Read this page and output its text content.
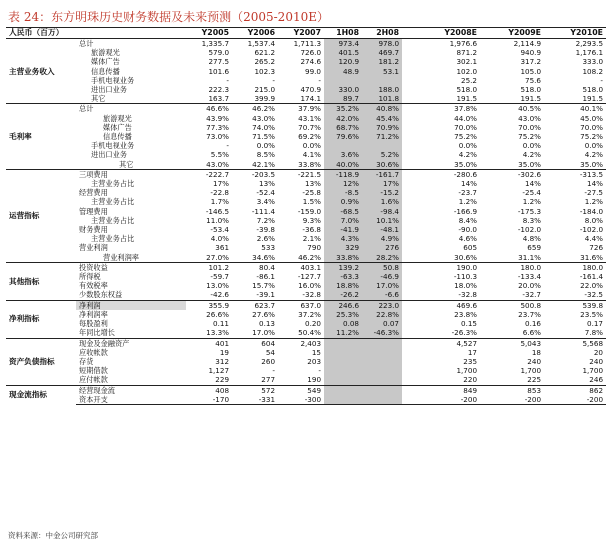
表 24：东方明珠历史财务数据及未来预测（2005-2010E）
人民币（百万）		Y2005	Y2006	Y2007	1H08	2H08		Y2008E	Y2009E	Y2010E
主营业务收入	总计	1,335.7	1,537.4	1,711.3	973.4	978.0		1,976.6	2,114.9	2,293.5
	旅游观光	579.0	621.2	726.0	401.5	469.7		871.2	940.9	1,176.1
	媒体广告	277.5	265.2	274.6	120.9	181.2		302.1	317.2	333.0
	信息传播	101.6	102.3	99.0	48.9	53.1		102.0	105.0	108.2
	手机电视业务	-	-	-				25.2	75.6	-
	进出口业务	222.3	215.0	470.9	330.0	188.0		518.0	518.0	518.0
	其它	163.7	399.9	174.1	89.7	101.8		191.5	191.5	191.5
毛利率	总计	46.6%	46.2%	37.9%	35.2%	40.8%		37.8%	40.5%	40.1%
	旅游观光	43.9%	43.0%	43.1%	42.0%	45.4%		44.0%	43.0%	45.0%
	媒体广告	77.3%	74.0%	70.7%	68.7%	70.9%		70.0%	70.0%	70.0%
	信息传播	73.0%	71.5%	69.2%	79.6%	71.2%		75.2%	75.2%	75.2%
	手机电视业务	-	0.0%	0.0%				0.0%	0.0%	0.0%
	进出口业务	5.5%	8.5%	4.1%	3.6%	5.2%		4.2%	4.2%	4.2%
	其它	43.0%	42.1%	33.8%	40.0%	30.6%		35.0%	35.0%	35.0%
运营指标	三项费用	-222.7	-203.5	-221.5	-118.9	-161.7		-280.6	-302.6	-313.5
	主营业务占比	17%	13%	13%	12%	17%		14%	14%	14%
	经营费用	-22.8	-52.4	-25.8	-8.5	-15.2		-23.7	-25.4	-27.5
	主营业务占比	1.7%	3.4%	1.5%	0.9%	1.6%		1.2%	1.2%	1.2%
	管理费用	-146.5	-111.4	-159.0	-68.5	-98.4		-166.9	-175.3	-184.0
	主营业务占比	11.0%	7.2%	9.3%	7.0%	10.1%		8.4%	8.3%	8.0%
	财务费用	-53.4	-39.8	-36.8	-41.9	-48.1		-90.0	-102.0	-102.0
	主营业务占比	4.0%	2.6%	2.1%	4.3%	4.9%		4.6%	4.8%	4.4%
	营业利润	361	533	790	329	276		605	659	726
	营业利润率	27.0%	34.6%	46.2%	33.8%	28.2%		30.6%	31.1%	31.6%
其他指标	投资收益	101.2	80.4	403.1	139.2	50.8		190.0	180.0	180.0
	所得税	-59.7	-86.1	-127.7	-63.3	-46.9		-110.3	-133.4	-161.4
	有效税率	13.0%	15.7%	16.0%	18.8%	17.0%		18.0%	20.0%	22.0%
	少数股东权益	-42.6	-39.1	-32.8	-26.2	-6.6		-32.8	-32.7	-32.5
净利指标	净利润	355.9	623.7	637.0	246.6	223.0		469.6	500.8	539.8
	净利润率	26.6%	27.6%	37.2%	25.3%	22.8%		23.8%	23.7%	23.5%
	每股盈利	0.11	0.13	0.20	0.08	0.07		0.15	0.16	0.17
	年同比增长	13.3%	17.0%	50.4%	11.2%	-46.3%		-26.3%	6.6%	7.8%
资产负债指标	现金及金融资产	401	604	2,403				4,527	5,043	5,568
	应收帐款	19	54	15				17	18	20
	存货	312	260	203				235	240	240
	短期借款	1,127	-	-				1,700	1,700	1,700
	应付帐款	229	277	190				220	225	246
现金流指标	经营现金流	408	572	549				849	853	862
	资本开支	-170	-331	-300				-200	-200	-200
资料来源：中金公司研究部
